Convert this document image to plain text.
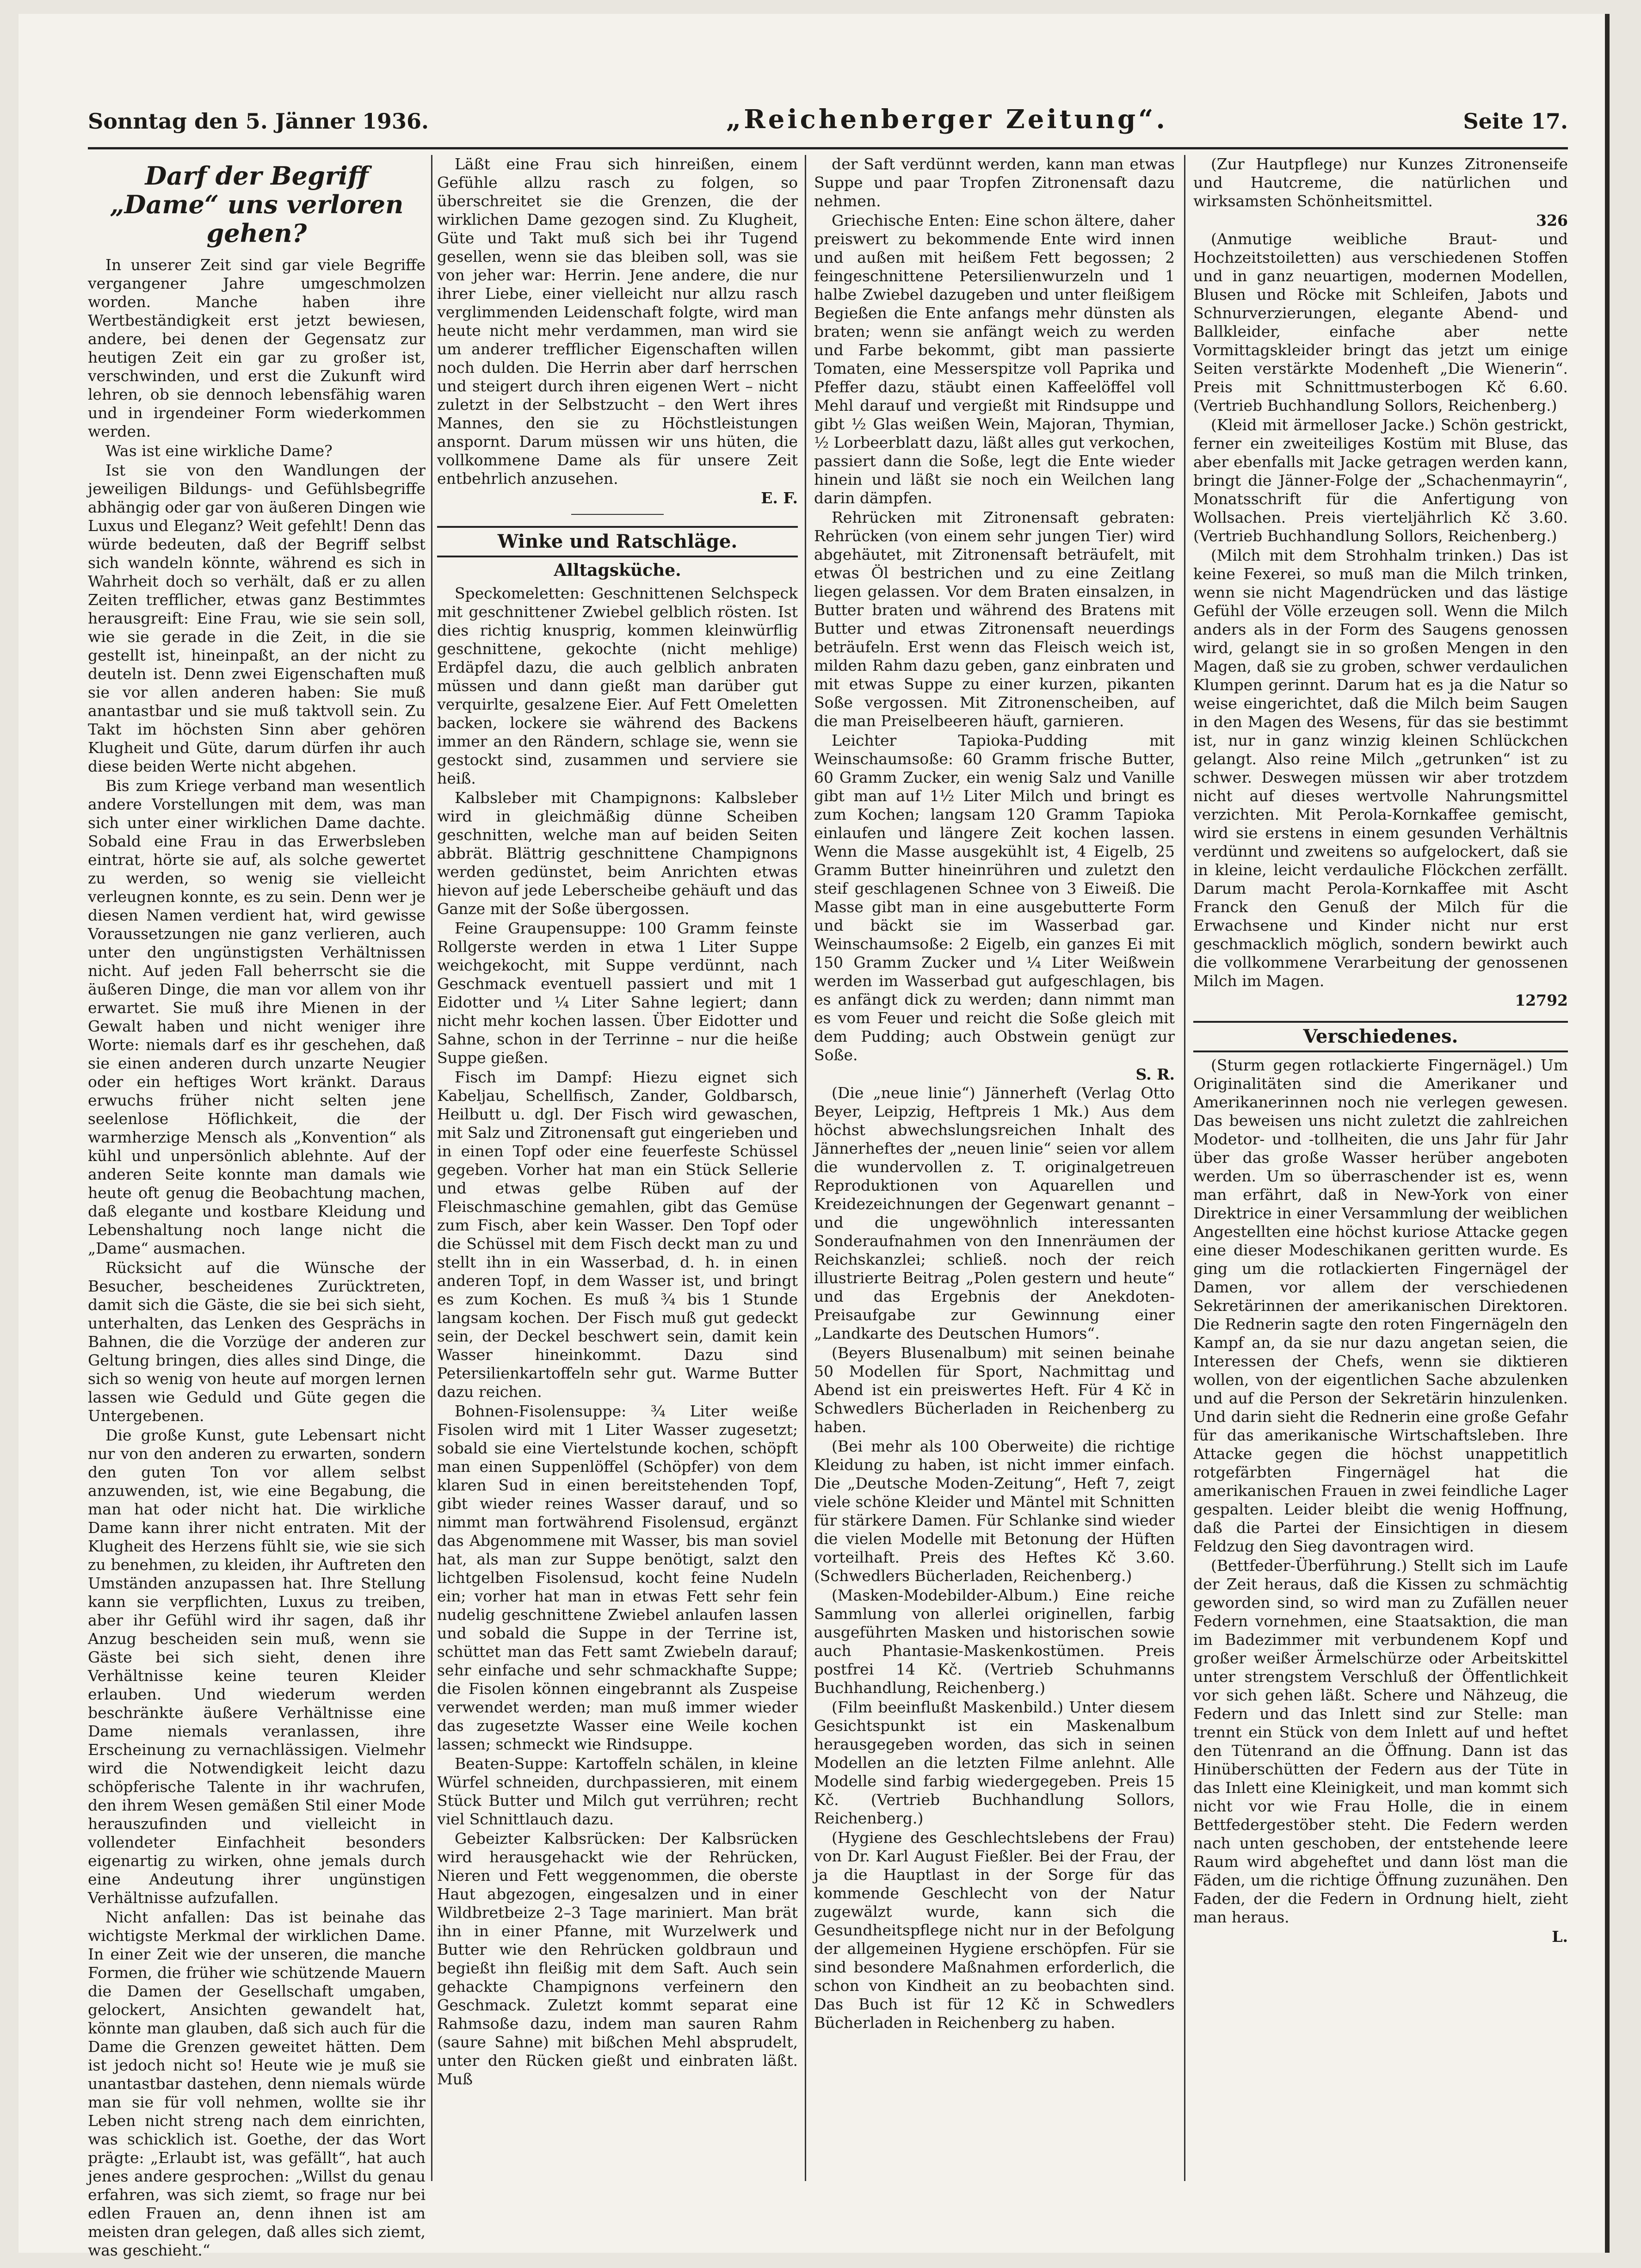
Sonntag den 5. Jänner 1936.	„Reichenberger Zeitung“.	Seite 17.
Darf der Begriff „Dame“ uns verloren gehen?

In unserer Zeit sind gar viele Begriffe vergangener Jahre umgeschmolzen worden. Manche haben ihre Wertbeständigkeit erst jetzt bewiesen, andere, bei denen der Gegensatz zur heutigen Zeit ein gar zu großer ist, verschwinden, und erst die Zukunft wird lehren, ob sie dennoch lebensfähig waren und in irgendeiner Form wiederkommen werden.

Was ist eine wirkliche Dame?

Ist sie von den Wandlungen der jeweiligen Bildungs- und Gefühlsbegriffe abhängig oder gar von äußeren Dingen wie Luxus und Eleganz? Weit gefehlt! Denn das würde bedeuten, daß der Begriff selbst sich wandeln könnte, während es sich in Wahrheit doch so verhält, daß er zu allen Zeiten trefflicher, etwas ganz Bestimmtes herausgreift: Eine Frau, wie sie sein soll, wie sie gerade in die Zeit, in die sie gestellt ist, hineinpaßt, an der nicht zu deuteln ist. Denn zwei Eigenschaften muß sie vor allen anderen haben: Sie muß anantastbar und sie muß taktvoll sein. Zu Takt im höchsten Sinn aber gehören Klugheit und Güte, darum dürfen ihr auch diese beiden Werte nicht abgehen.

Bis zum Kriege verband man wesentlich andere Vorstellungen mit dem, was man sich unter einer wirklichen Dame dachte. Sobald eine Frau in das Erwerbsleben eintrat, hörte sie auf, als solche gewertet zu werden, so wenig sie vielleicht verleugnen konnte, es zu sein. Denn wer je diesen Namen verdient hat, wird gewisse Voraussetzungen nie ganz verlieren, auch unter den ungünstigsten Verhältnissen nicht. Auf jeden Fall beherrscht sie die äußeren Dinge, die man vor allem von ihr erwartet. Sie muß ihre Mienen in der Gewalt haben und nicht weniger ihre Worte: niemals darf es ihr geschehen, daß sie einen anderen durch unzarte Neugier oder ein heftiges Wort kränkt. Daraus erwuchs früher nicht selten jene seelenlose Höflichkeit, die der warmherzige Mensch als „Konvention“ als kühl und unpersönlich ablehnte. Auf der anderen Seite konnte man damals wie heute oft genug die Beobachtung machen, daß elegante und kostbare Kleidung und Lebenshaltung noch lange nicht die „Dame“ ausmachen.

Rücksicht auf die Wünsche der Besucher, bescheidenes Zurücktreten, damit sich die Gäste, die sie bei sich sieht, unterhalten, das Lenken des Gesprächs in Bahnen, die die Vorzüge der anderen zur Geltung bringen, dies alles sind Dinge, die sich so wenig von heute auf morgen lernen lassen wie Geduld und Güte gegen die Untergebenen.

Die große Kunst, gute Lebensart nicht nur von den anderen zu erwarten, sondern den guten Ton vor allem selbst anzuwenden, ist, wie eine Begabung, die man hat oder nicht hat. Die wirkliche Dame kann ihrer nicht entraten. Mit der Klugheit des Herzens fühlt sie, wie sie sich zu benehmen, zu kleiden, ihr Auftreten den Umständen anzupassen hat. Ihre Stellung kann sie verpflichten, Luxus zu treiben, aber ihr Gefühl wird ihr sagen, daß ihr Anzug bescheiden sein muß, wenn sie Gäste bei sich sieht, denen ihre Verhältnisse keine teuren Kleider erlauben. Und wiederum werden beschränkte äußere Verhältnisse eine Dame niemals veranlassen, ihre Erscheinung zu vernachlässigen. Vielmehr wird die Notwendigkeit leicht dazu schöpferische Talente in ihr wachrufen, den ihrem Wesen gemäßen Stil einer Mode herauszufinden und vielleicht in vollendeter Einfachheit besonders eigenartig zu wirken, ohne jemals durch eine Andeutung ihrer ungünstigen Verhältnisse aufzufallen.

Nicht anfallen: Das ist beinahe das wichtigste Merkmal der wirklichen Dame. In einer Zeit wie der unseren, die manche Formen, die früher wie schützende Mauern die Damen der Gesellschaft umgaben, gelockert, Ansichten gewandelt hat, könnte man glauben, daß sich auch für die Dame die Grenzen geweitet hätten. Dem ist jedoch nicht so! Heute wie je muß sie unantastbar dastehen, denn niemals würde man sie für voll nehmen, wollte sie ihr Leben nicht streng nach dem einrichten, was schicklich ist. Goethe, der das Wort prägte: „Erlaubt ist, was gefällt“, hat auch jenes andere gesprochen: „Willst du genau erfahren, was sich ziemt, so frage nur bei edlen Frauen an, denn ihnen ist am meisten dran gelegen, daß alles sich ziemt, was geschieht.“

Läßt eine Frau sich hinreißen, einem Gefühle allzu rasch zu folgen, so überschreitet sie die Grenzen, die der wirklichen Dame gezogen sind. Zu Klugheit, Güte und Takt muß sich bei ihr Tugend gesellen, wenn sie das bleiben soll, was sie von jeher war: Herrin. Jene andere, die nur ihrer Liebe, einer vielleicht nur allzu rasch verglimmenden Leidenschaft folgte, wird man heute nicht mehr verdammen, man wird sie um anderer trefflicher Eigenschaften willen noch dulden. Die Herrin aber darf herrschen und steigert durch ihren eigenen Wert – nicht zuletzt in der Selbstzucht – den Wert ihres Mannes, den sie zu Höchstleistungen anspornt. Darum müssen wir uns hüten, die vollkommene Dame als für unsere Zeit entbehrlich anzusehen.

E. F.
Winke und Ratschläge.
Alltagsküche.

Speckomeletten: Geschnittenen Selchspeck mit geschnittener Zwiebel gelblich rösten. Ist dies richtig knusprig, kommen kleinwürflig geschnittene, gekochte (nicht mehlige) Erdäpfel dazu, die auch gelblich anbraten müssen und dann gießt man darüber gut verquirlte, gesalzene Eier. Auf Fett Omeletten backen, lockere sie während des Backens immer an den Rändern, schlage sie, wenn sie gestockt sind, zusammen und serviere sie heiß.

Kalbsleber mit Champignons: Kalbsleber wird in gleichmäßig dünne Scheiben geschnitten, welche man auf beiden Seiten abbrät. Blättrig geschnittene Champignons werden gedünstet, beim Anrichten etwas hievon auf jede Leberscheibe gehäuft und das Ganze mit der Soße übergossen.

Feine Graupensuppe: 100 Gramm feinste Rollgerste werden in etwa 1 Liter Suppe weichgekocht, mit Suppe verdünnt, nach Geschmack eventuell passiert und mit 1 Eidotter und ¼ Liter Sahne legiert; dann nicht mehr kochen lassen. Über Eidotter und Sahne, schon in der Terrinne – nur die heiße Suppe gießen.

Fisch im Dampf: Hiezu eignet sich Kabeljau, Schellfisch, Zander, Goldbarsch, Heilbutt u. dgl. Der Fisch wird gewaschen, mit Salz und Zitronensaft gut eingerieben und in einen Topf oder eine feuerfeste Schüssel gegeben. Vorher hat man ein Stück Sellerie und etwas gelbe Rüben auf der Fleischmaschine gemahlen, gibt das Gemüse zum Fisch, aber kein Wasser. Den Topf oder die Schüssel mit dem Fisch deckt man zu und stellt ihn in ein Wasserbad, d. h. in einen anderen Topf, in dem Wasser ist, und bringt es zum Kochen. Es muß ¾ bis 1 Stunde langsam kochen. Der Fisch muß gut gedeckt sein, der Deckel beschwert sein, damit kein Wasser hineinkommt. Dazu sind Petersilienkartoffeln sehr gut. Warme Butter dazu reichen.

Bohnen-Fisolensuppe: ¾ Liter weiße Fisolen wird mit 1 Liter Wasser zugesetzt; sobald sie eine Viertelstunde kochen, schöpft man einen Suppenlöffel (Schöpfer) von dem klaren Sud in einen bereitstehenden Topf, gibt wieder reines Wasser darauf, und so nimmt man fortwährend Fisolensud, ergänzt das Abgenommene mit Wasser, bis man soviel hat, als man zur Suppe benötigt, salzt den lichtgelben Fisolensud, kocht feine Nudeln ein; vorher hat man in etwas Fett sehr fein nudelig geschnittene Zwiebel anlaufen lassen und sobald die Suppe in der Terrine ist, schüttet man das Fett samt Zwiebeln darauf; sehr einfache und sehr schmackhafte Suppe; die Fisolen können eingebrannt als Zuspeise verwendet werden; man muß immer wieder das zugesetzte Wasser eine Weile kochen lassen; schmeckt wie Rindsuppe.

Beaten-Suppe: Kartoffeln schälen, in kleine Würfel schneiden, durchpassieren, mit einem Stück Butter und Milch gut verrühren; recht viel Schnittlauch dazu.

Gebeizter Kalbsrücken: Der Kalbsrücken wird herausgehackt wie der Rehrücken, Nieren und Fett weggenommen, die oberste Haut abgezogen, eingesalzen und in einer Wildbretbeize 2–3 Tage mariniert. Man brät ihn in einer Pfanne, mit Wurzelwerk und Butter wie den Rehrücken goldbraun und begießt ihn fleißig mit dem Saft. Auch sein gehackte Champignons verfeinern den Geschmack. Zuletzt kommt separat eine Rahmsoße dazu, indem man sauren Rahm (saure Sahne) mit bißchen Mehl absprudelt, unter den Rücken gießt und einbraten läßt. Muß

der Saft verdünnt werden, kann man etwas Suppe und paar Tropfen Zitronensaft dazu nehmen.

Griechische Enten: Eine schon ältere, daher preiswert zu bekommende Ente wird innen und außen mit heißem Fett begossen; 2 feingeschnittene Petersilienwurzeln und 1 halbe Zwiebel dazugeben und unter fleißigem Begießen die Ente anfangs mehr dünsten als braten; wenn sie anfängt weich zu werden und Farbe bekommt, gibt man passierte Tomaten, eine Messerspitze voll Paprika und Pfeffer dazu, stäubt einen Kaffeelöffel voll Mehl darauf und vergießt mit Rindsuppe und gibt ½ Glas weißen Wein, Majoran, Thymian, ½ Lorbeerblatt dazu, läßt alles gut verkochen, passiert dann die Soße, legt die Ente wieder hinein und läßt sie noch ein Weilchen lang darin dämpfen.

Rehrücken mit Zitronensaft gebraten: Rehrücken (von einem sehr jungen Tier) wird abgehäutet, mit Zitronensaft beträufelt, mit etwas Öl bestrichen und zu eine Zeitlang liegen gelassen. Vor dem Braten einsalzen, in Butter braten und während des Bratens mit Butter und etwas Zitronensaft neuerdings beträufeln. Erst wenn das Fleisch weich ist, milden Rahm dazu geben, ganz einbraten und mit etwas Suppe zu einer kurzen, pikanten Soße vergossen. Mit Zitronenscheiben, auf die man Preiselbeeren häuft, garnieren.

Leichter Tapioka-Pudding mit Weinschaumsoße: 60 Gramm frische Butter, 60 Gramm Zucker, ein wenig Salz und Vanille gibt man auf 1½ Liter Milch und bringt es zum Kochen; langsam 120 Gramm Tapioka einlaufen und längere Zeit kochen lassen. Wenn die Masse ausgekühlt ist, 4 Eigelb, 25 Gramm Butter hineinrühren und zuletzt den steif geschlagenen Schnee von 3 Eiweiß. Die Masse gibt man in eine ausgebutterte Form und bäckt sie im Wasserbad gar. Weinschaumsoße: 2 Eigelb, ein ganzes Ei mit 150 Gramm Zucker und ¼ Liter Weißwein werden im Wasserbad gut aufgeschlagen, bis es anfängt dick zu werden; dann nimmt man es vom Feuer und reicht die Soße gleich mit dem Pudding; auch Obstwein genügt zur Soße.

S. R.

(Die „neue linie“) Jännerheft (Verlag Otto Beyer, Leipzig, Heftpreis 1 Mk.) Aus dem höchst abwechslungsreichen Inhalt des Jännerheftes der „neuen linie“ seien vor allem die wundervollen z. T. originalgetreuen Reproduktionen von Aquarellen und Kreidezeichnungen der Gegenwart genannt – und die ungewöhnlich interessanten Sonderaufnahmen von den Innenräumen der Reichskanzlei; schließ. noch der reich illustrierte Beitrag „Polen gestern und heute“ und das Ergebnis der Anekdoten-Preisaufgabe zur Gewinnung einer „Landkarte des Deutschen Humors“.

(Beyers Blusenalbum) mit seinen beinahe 50 Modellen für Sport, Nachmittag und Abend ist ein preiswertes Heft. Für 4 Kč in Schwedlers Bücherladen in Reichenberg zu haben.

(Bei mehr als 100 Oberweite) die richtige Kleidung zu haben, ist nicht immer einfach. Die „Deutsche Moden-Zeitung“, Heft 7, zeigt viele schöne Kleider und Mäntel mit Schnitten für stärkere Damen. Für Schlanke sind wieder die vielen Modelle mit Betonung der Hüften vorteilhaft. Preis des Heftes Kč 3.60. (Schwedlers Bücherladen, Reichenberg.)

(Masken-Modebilder-Album.) Eine reiche Sammlung von allerlei originellen, farbig ausgeführten Masken und historischen sowie auch Phantasie-Maskenkostümen. Preis postfrei 14 Kč. (Vertrieb Schuhmanns Buchhandlung, Reichenberg.)

(Film beeinflußt Maskenbild.) Unter diesem Gesichtspunkt ist ein Maskenalbum herausgegeben worden, das sich in seinen Modellen an die letzten Filme anlehnt. Alle Modelle sind farbig wiedergegeben. Preis 15 Kč. (Vertrieb Buchhandlung Sollors, Reichenberg.)

(Hygiene des Geschlechtslebens der Frau) von Dr. Karl August Fießler. Bei der Frau, der ja die Hauptlast in der Sorge für das kommende Geschlecht von der Natur zugewälzt wurde, kann sich die Gesundheitspflege nicht nur in der Befolgung der allgemeinen Hygiene erschöpfen. Für sie sind besondere Maßnahmen erforderlich, die schon von Kindheit an zu beobachten sind. Das Buch ist für 12 Kč in Schwedlers Bücherladen in Reichenberg zu haben.

(Zur Hautpflege) nur Kunzes Zitronenseife und Hautcreme, die natürlichen und wirksamsten Schönheitsmittel.

326

(Anmutige weibliche Braut- und Hochzeitstoiletten) aus verschiedenen Stoffen und in ganz neuartigen, modernen Modellen, Blusen und Röcke mit Schleifen, Jabots und Schnurverzierungen, elegante Abend- und Ballkleider, einfache aber nette Vormittagskleider bringt das jetzt um einige Seiten verstärkte Modenheft „Die Wienerin“. Preis mit Schnittmusterbogen Kč 6.60. (Vertrieb Buchhandlung Sollors, Reichenberg.)

(Kleid mit ärmelloser Jacke.) Schön gestrickt, ferner ein zweiteiliges Kostüm mit Bluse, das aber ebenfalls mit Jacke getragen werden kann, bringt die Jänner-Folge der „Schachenmayrin“, Monatsschrift für die Anfertigung von Wollsachen. Preis vierteljährlich Kč 3.60. (Vertrieb Buchhandlung Sollors, Reichenberg.)

(Milch mit dem Strohhalm trinken.) Das ist keine Fexerei, so muß man die Milch trinken, wenn sie nicht Magendrücken und das lästige Gefühl der Völle erzeugen soll. Wenn die Milch anders als in der Form des Saugens genossen wird, gelangt sie in so großen Mengen in den Magen, daß sie zu groben, schwer verdaulichen Klumpen gerinnt. Darum hat es ja die Natur so weise eingerichtet, daß die Milch beim Saugen in den Magen des Wesens, für das sie bestimmt ist, nur in ganz winzig kleinen Schlückchen gelangt. Also reine Milch „getrunken“ ist zu schwer. Deswegen müssen wir aber trotzdem nicht auf dieses wertvolle Nahrungsmittel verzichten. Mit Perola-Kornkaffee gemischt, wird sie erstens in einem gesunden Verhältnis verdünnt und zweitens so aufgelockert, daß sie in kleine, leicht verdauliche Flöckchen zerfällt. Darum macht Perola-Kornkaffee mit Ascht Franck den Genuß der Milch für die Erwachsene und Kinder nicht nur erst geschmacklich möglich, sondern bewirkt auch die vollkommene Verarbeitung der genossenen Milch im Magen.

12792
Verschiedenes.

(Sturm gegen rotlackierte Fingernägel.) Um Originalitäten sind die Amerikaner und Amerikanerinnen noch nie verlegen gewesen. Das beweisen uns nicht zuletzt die zahlreichen Modetor- und -tollheiten, die uns Jahr für Jahr über das große Wasser herüber angeboten werden. Um so überraschender ist es, wenn man erfährt, daß in New-York von einer Direktrice in einer Versammlung der weiblichen Angestellten eine höchst kuriose Attacke gegen eine dieser Modeschikanen geritten wurde. Es ging um die rotlackierten Fingernägel der Damen, vor allem der verschiedenen Sekretärinnen der amerikanischen Direktoren. Die Rednerin sagte den roten Fingernägeln den Kampf an, da sie nur dazu angetan seien, die Interessen der Chefs, wenn sie diktieren wollen, von der eigentlichen Sache abzulenken und auf die Person der Sekretärin hinzulenken. Und darin sieht die Rednerin eine große Gefahr für das amerikanische Wirtschaftsleben. Ihre Attacke gegen die höchst unappetitlich rotgefärbten Fingernägel hat die amerikanischen Frauen in zwei feindliche Lager gespalten. Leider bleibt die wenig Hoffnung, daß die Partei der Einsichtigen in diesem Feldzug den Sieg davontragen wird.

(Bettfeder-Überführung.) Stellt sich im Laufe der Zeit heraus, daß die Kissen zu schmächtig geworden sind, so wird man zu Zufällen neuer Federn vornehmen, eine Staatsaktion, die man im Badezimmer mit verbundenem Kopf und großer weißer Ärmelschürze oder Arbeitskittel unter strengstem Verschluß der Öffentlichkeit vor sich gehen läßt. Schere und Nähzeug, die Federn und das Inlett sind zur Stelle: man trennt ein Stück von dem Inlett auf und heftet den Tütenrand an die Öffnung. Dann ist das Hinüberschütten der Federn aus der Tüte in das Inlett eine Kleinigkeit, und man kommt sich nicht vor wie Frau Holle, die in einem Bettfedergestöber steht. Die Federn werden nach unten geschoben, der entstehende leere Raum wird abgeheftet und dann löst man die Fäden, um die richtige Öffnung zuzunähen. Den Faden, der die Federn in Ordnung hielt, zieht man heraus.

L.
